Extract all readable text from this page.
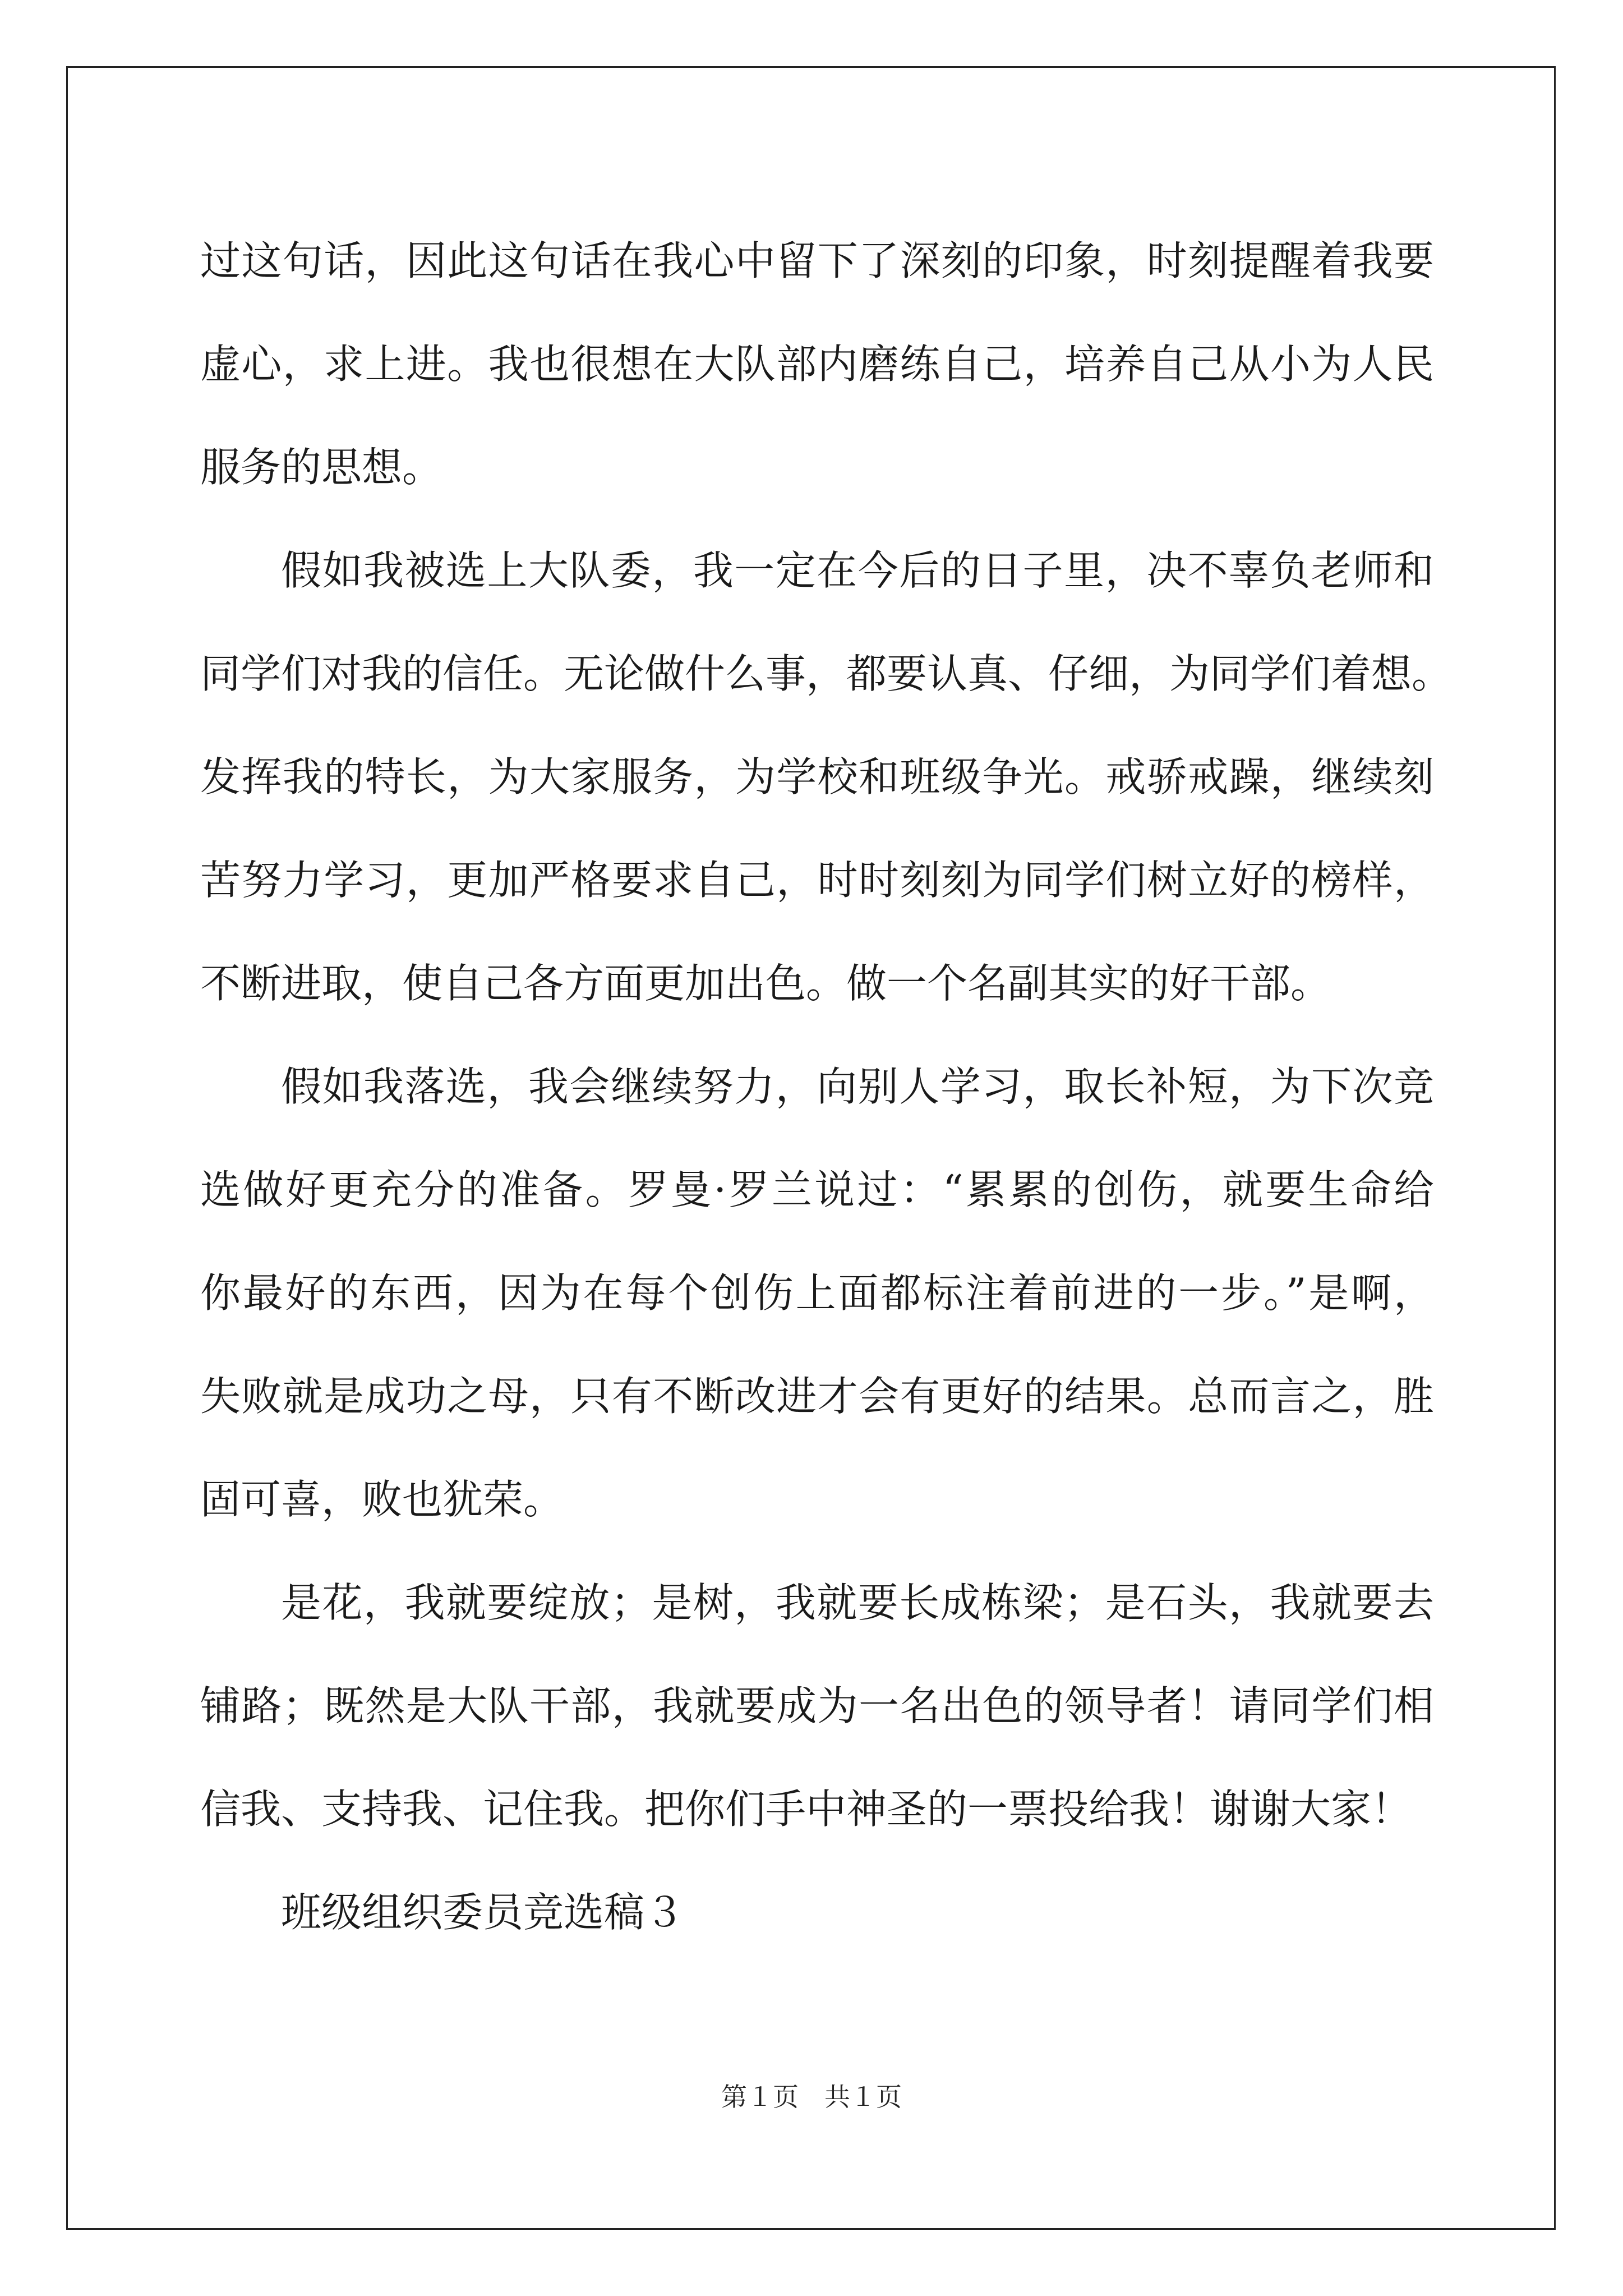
过这句话，因此这句话在我心中留下了深刻的印象，时刻提醒着我要
虚心，求上进。我也很想在大队部内磨练自己，培养自己从小为人民
服务的思想。
假如我被选上大队委，我一定在今后的日子里，决不辜负老师和
同学们对我的信任。无论做什么事，都要认真、仔细，为同学们着想。
发挥我的特长，为大家服务，为学校和班级争光。戒骄戒躁，继续刻
苦努力学习，更加严格要求自己，时时刻刻为同学们树立好的榜样，
不断进取，使自己各方面更加出色。做一个名副其实的好干部。
假如我落选，我会继续努力，向别人学习，取长补短，为下次竞
选做好更充分的准备。罗曼·罗兰说过：“累累的创伤，就要生命给
你最好的东西，因为在每个创伤上面都标注着前进的一步。”是啊，
失败就是成功之母，只有不断改进才会有更好的结果。总而言之，胜
固可喜，败也犹荣。
是花，我就要绽放；是树，我就要长成栋梁；是石头，我就要去
铺路；既然是大队干部，我就要成为一名出色的领导者！请同学们相
信我、支持我、记住我。把你们手中神圣的一票投给我！谢谢大家！
班级组织委员竞选稿３
第１页 共１页
